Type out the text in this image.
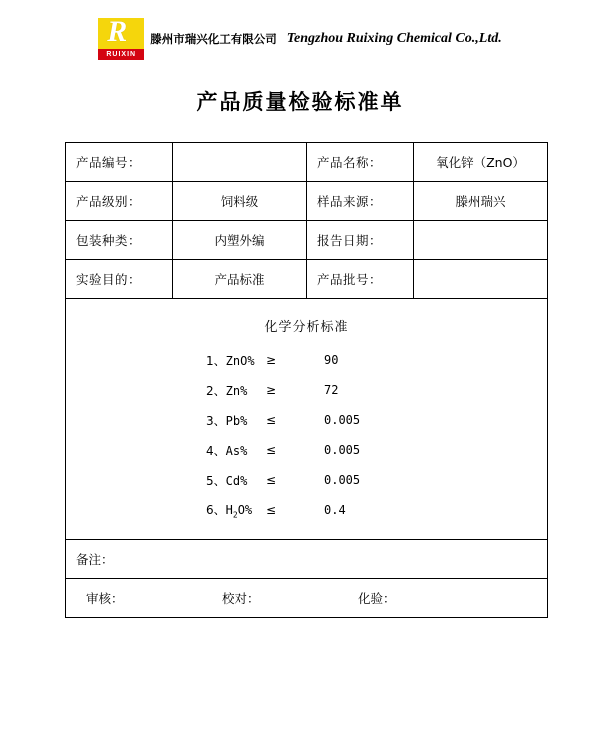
R
RUIXIN
滕州市瑞兴化工有限公司 Tengzhou Ruixing Chemical Co.,Ltd.
产品质量检验标准单
产品编号：		产品名称：	氧化锌（ZnO）
产品级别：	饲料级	样品来源：	滕州瑞兴
包装种类：	内塑外编	报告日期：	
实验目的：	产品标准	产品批号：	

化学分析标准
1、ZnO% ≥	90
2、Zn%	≥	72
3、Pb%	≤	0.005
4、As%	≤	0.005
5、Cd%	≤	0.005
6、$H_2O\%$	≤	0.4

备注：			

审核： 校对： 化验：			
